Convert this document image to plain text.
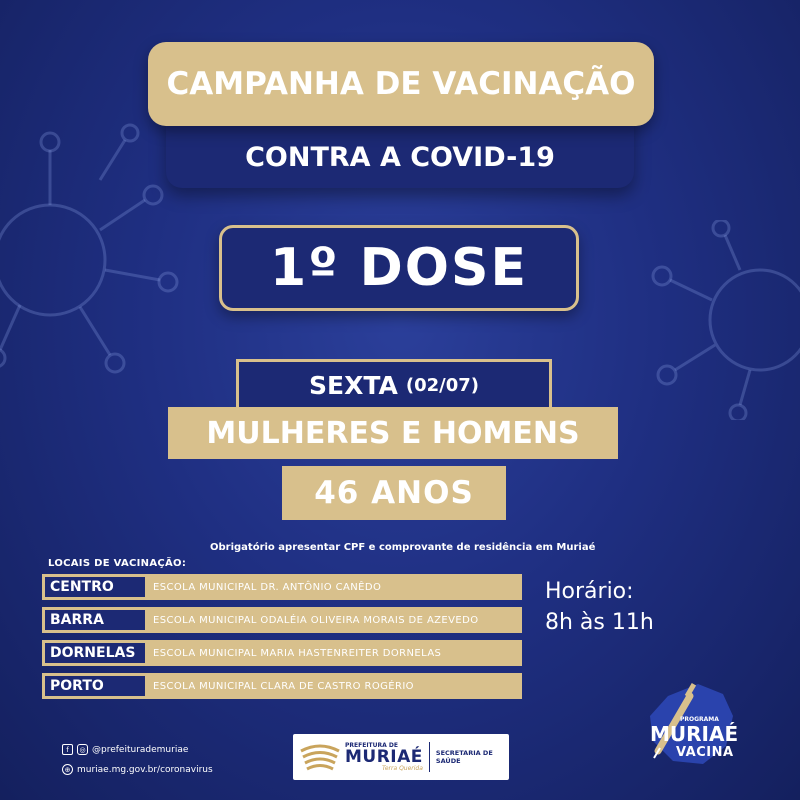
CONTRA A COVID-19
CAMPANHA DE VACINAÇÃO
1º DOSE
SEXTA (02/07)
MULHERES E HOMENS
46 ANOS
Obrigatório apresentar CPF e comprovante de residência em Muriaé
LOCAIS DE VACINAÇÃO:
CENTRO	ESCOLA MUNICIPAL DR. ANTÔNIO CANÊDO
BARRA	ESCOLA MUNICIPAL ODALÉIA OLIVEIRA MORAIS DE AZEVEDO
DORNELAS	ESCOLA MUNICIPAL MARIA HASTENREITER DORNELAS
PORTO	ESCOLA MUNICIPAL CLARA DE CASTRO ROGÉRIO
Horário:
8h às 11h
f	◎ @prefeiturademuriae
⊕ muriae.mg.gov.br/coronavirus
PREFEITURA DE
MURIAÉ
Terra Querida
SECRETARIA DE
SAÚDE
PROGRAMA
MURIAÉ
VACINA
